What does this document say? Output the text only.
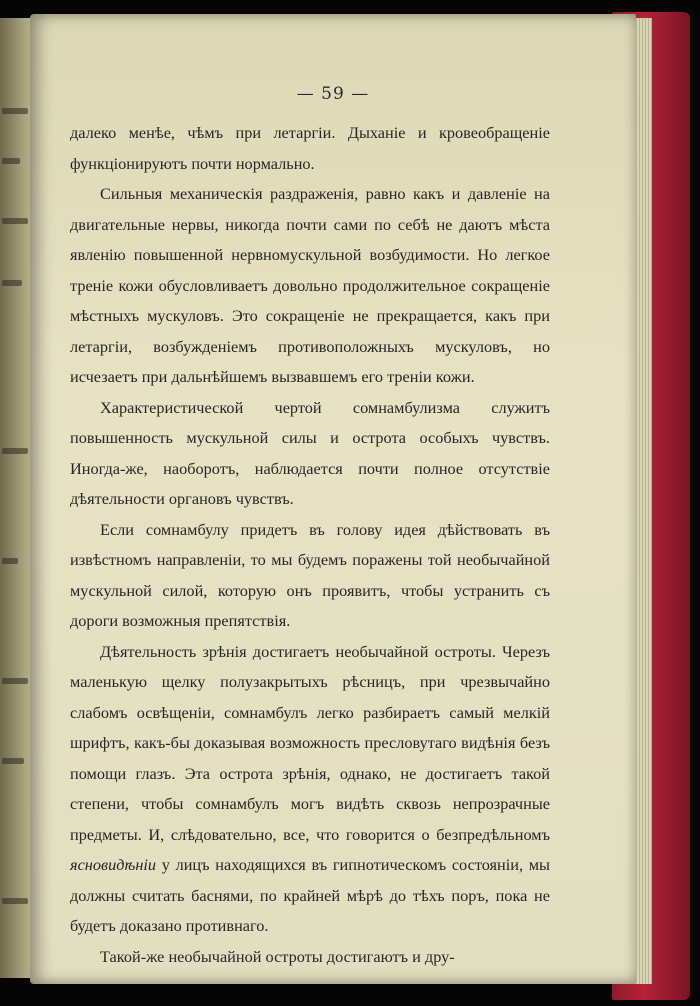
— 59 —

далеко менѣе, чѣмъ при летаргіи. Дыханіе и кровеобращеніе функціонируютъ почти нормально.

Сильныя механическія раздраженія, равно какъ и давленіе на двигательные нервы, никогда почти сами по себѣ не даютъ мѣста явленію повышенной нервномускульной возбудимости. Но легкое треніе кожи обусловливаетъ довольно продолжительное сокращеніе мѣстныхъ мускуловъ. Это сокращеніе не прекращается, какъ при летаргіи, возбужденіемъ противоположныхъ мускуловъ, но исчезаетъ при дальнѣйшемъ вызвавшемъ его треніи кожи.

Характеристической чертой сомнамбулизма служитъ повышенность мускульной силы и острота особыхъ чувствъ. Иногда-же, наоборотъ, наблюдается почти полное отсутствіе дѣятельности органовъ чувствъ.

Если сомнамбулу придетъ въ голову идея дѣйствовать въ извѣстномъ направленіи, то мы будемъ поражены той необычайной мускульной силой, которую онъ проявитъ, чтобы устранить съ дороги возможныя препятствія.

Дѣятельность зрѣнія достигаетъ необычайной остроты. Черезъ маленькую щелку полузакрытыхъ рѣсницъ, при чрезвычайно слабомъ освѣщеніи, сомнамбулъ легко разбираетъ самый мелкій шрифтъ, какъ-бы доказывая возможность пресловутаго видѣнія безъ помощи глазъ. Эта острота зрѣнія, однако, не достигаетъ такой степени, чтобы сомнамбулъ могъ видѣть сквозь непрозрачные предметы. И, слѣдовательно, все, что говорится о безпредѣльномъ ясновидѣніи у лицъ находящихся въ гипнотическомъ состояніи, мы должны считать баснями, по крайней мѣрѣ до тѣхъ поръ, пока не будетъ доказано противнаго.

Такой-же необычайной остроты достигаютъ и дру-
